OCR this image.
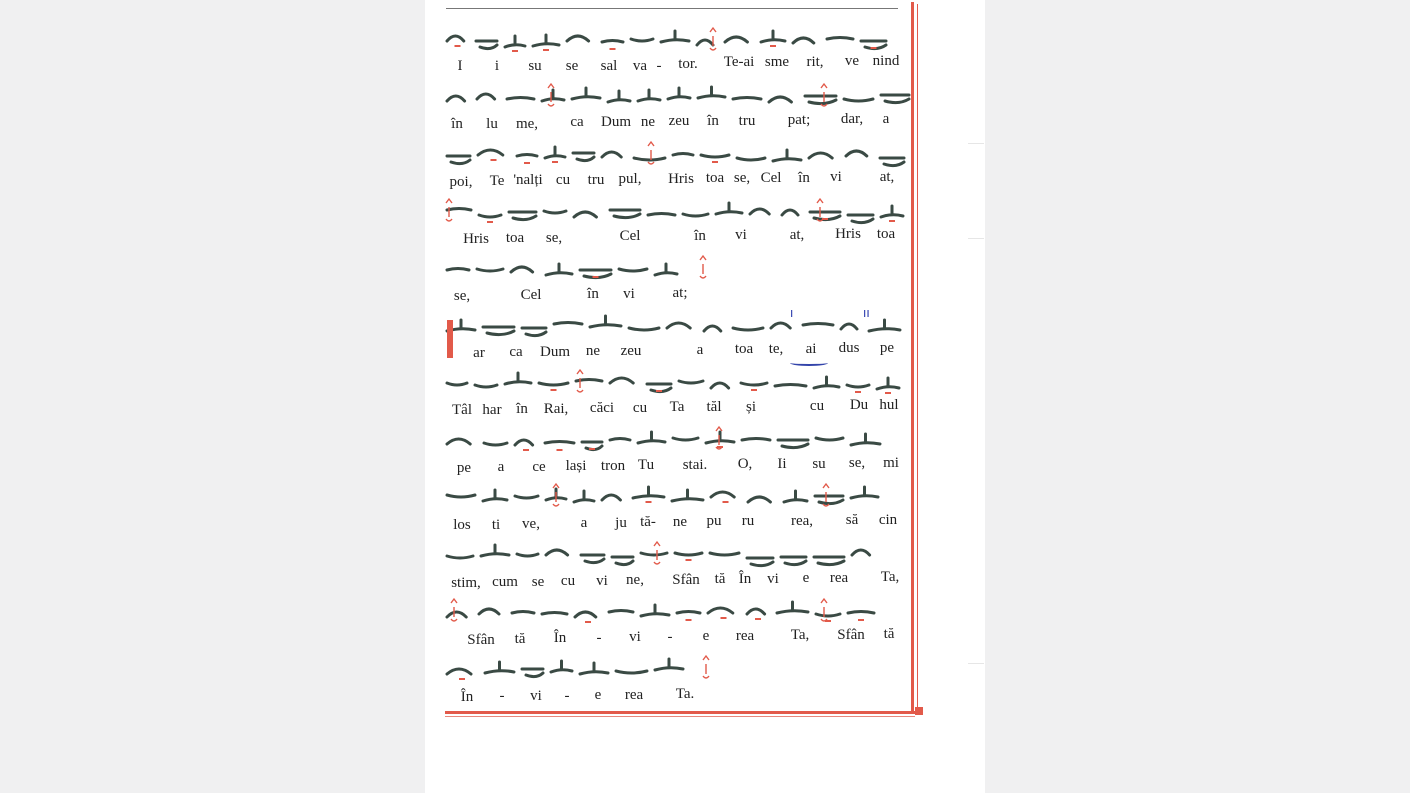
ı	ıı
I i su se sal va - tor. Te-ai sme rit, ve nind
în lu me, ca Dum ne zeu în tru pat; dar, a
poi, Te 'nalți cu tru pul, Hris toa se, Cel în vi	at,
Hris toa se,	Cel	în vi	at, Hris toa
se,	Cel	în vi	at;
ar ca Dum ne zeu	a toa te, ai dus pe
Tâl har în Rai, căci cu Ta tăl și	cu Du hul
pe a ce lași tron Tu stai. O, Ii su se, mi
los ti ve,	a ju tă- ne pu ru rea, să cin
stim, cum se cu vi ne, Sfân tă În vi e rea Ta,
Sfân tă În - vi - e rea Ta, Sfân tă
În - vi - e rea Ta.
